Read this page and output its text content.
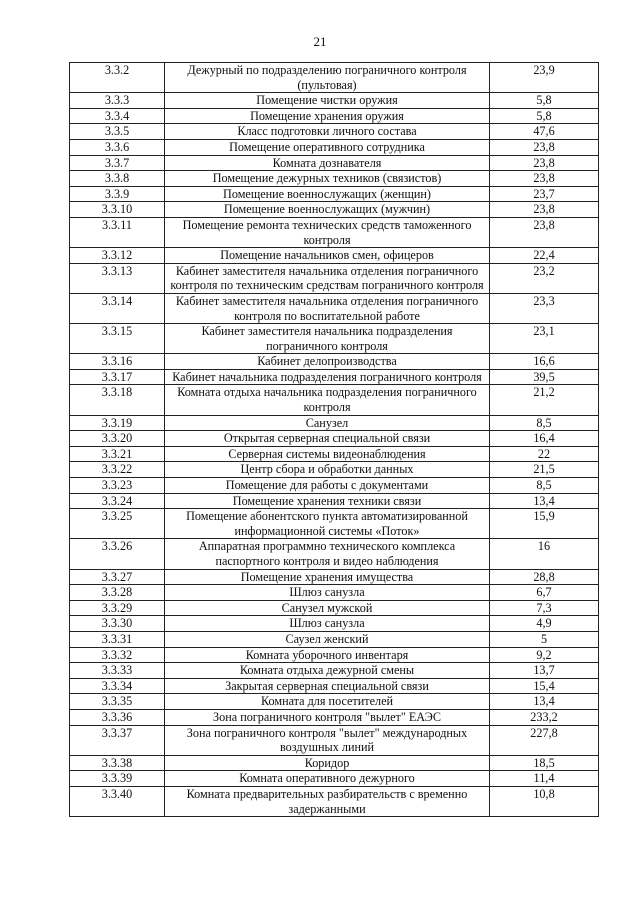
21
3.3.2	Дежурный по подразделению пограничного контроля (пультовая)	23,9
3.3.3	Помещение чистки оружия	5,8
3.3.4	Помещение хранения оружия	5,8
3.3.5	Класс подготовки личного состава	47,6
3.3.6	Помещение оперативного сотрудника	23,8
3.3.7	Комната дознавателя	23,8
3.3.8	Помещение дежурных техников (связистов)	23,8
3.3.9	Помещение военнослужащих (женщин)	23,7
3.3.10	Помещение военнослужащих (мужчин)	23,8
3.3.11	Помещение ремонта технических средств таможенного контроля	23,8
3.3.12	Помещение начальников смен, офицеров	22,4
3.3.13	Кабинет заместителя начальника отделения пограничного контроля по техническим средствам пограничного контроля	23,2
3.3.14	Кабинет заместителя начальника отделения пограничного контроля по воспитательной работе	23,3
3.3.15	Кабинет заместителя начальника подразделения пограничного контроля	23,1
3.3.16	Кабинет делопроизводства	16,6
3.3.17	Кабинет начальника подразделения пограничного контроля	39,5
3.3.18	Комната отдыха начальника подразделения пограничного контроля	21,2
3.3.19	Санузел	8,5
3.3.20	Открытая серверная специальной связи	16,4
3.3.21	Серверная системы видеонаблюдения	22
3.3.22	Центр сбора и обработки данных	21,5
3.3.23	Помещение для работы с документами	8,5
3.3.24	Помещение хранения техники связи	13,4
3.3.25	Помещение абонентского пункта автоматизированной информационной системы «Поток»	15,9
3.3.26	Аппаратная программно технического комплекса паспортного контроля и видео наблюдения	16
3.3.27	Помещение хранения имущества	28,8
3.3.28	Шлюз санузла	6,7
3.3.29	Санузел мужской	7,3
3.3.30	Шлюз санузла	4,9
3.3.31	Саузел женский	5
3.3.32	Комната уборочного инвентаря	9,2
3.3.33	Комната отдыха дежурной смены	13,7
3.3.34	Закрытая серверная специальной связи	15,4
3.3.35	Комната для посетителей	13,4
3.3.36	Зона пограничного контроля "вылет" ЕАЭС	233,2
3.3.37	Зона пограничного контроля "вылет" международных воздушных линий	227,8
3.3.38	Коридор	18,5
3.3.39	Комната оперативного дежурного	11,4
3.3.40	Комната предварительных разбирательств с временно задержанными	10,8
